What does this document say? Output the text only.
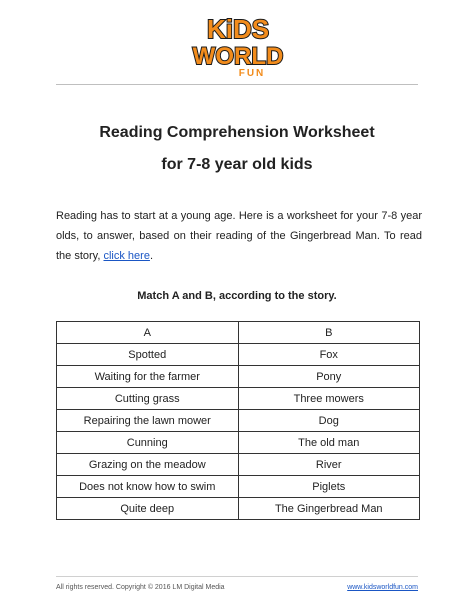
KiDS
WORLD
FUN
Reading Comprehension Worksheet
for 7-8 year old kids

Reading has to start at a young age. Here is a worksheet for your 7-8 year olds, to answer, based on their reading of the Gingerbread Man. To read the story, click here.

Match A and B, according to the story.
A	B
Spotted	Fox
Waiting for the farmer	Pony
Cutting grass	Three mowers
Repairing the lawn mower	Dog
Cunning	The old man
Grazing on the meadow	River
Does not know how to swim	Piglets
Quite deep	The Gingerbread Man
All rights reserved. Copyright © 2016 LM Digital Media	www.kidsworldfun.com
